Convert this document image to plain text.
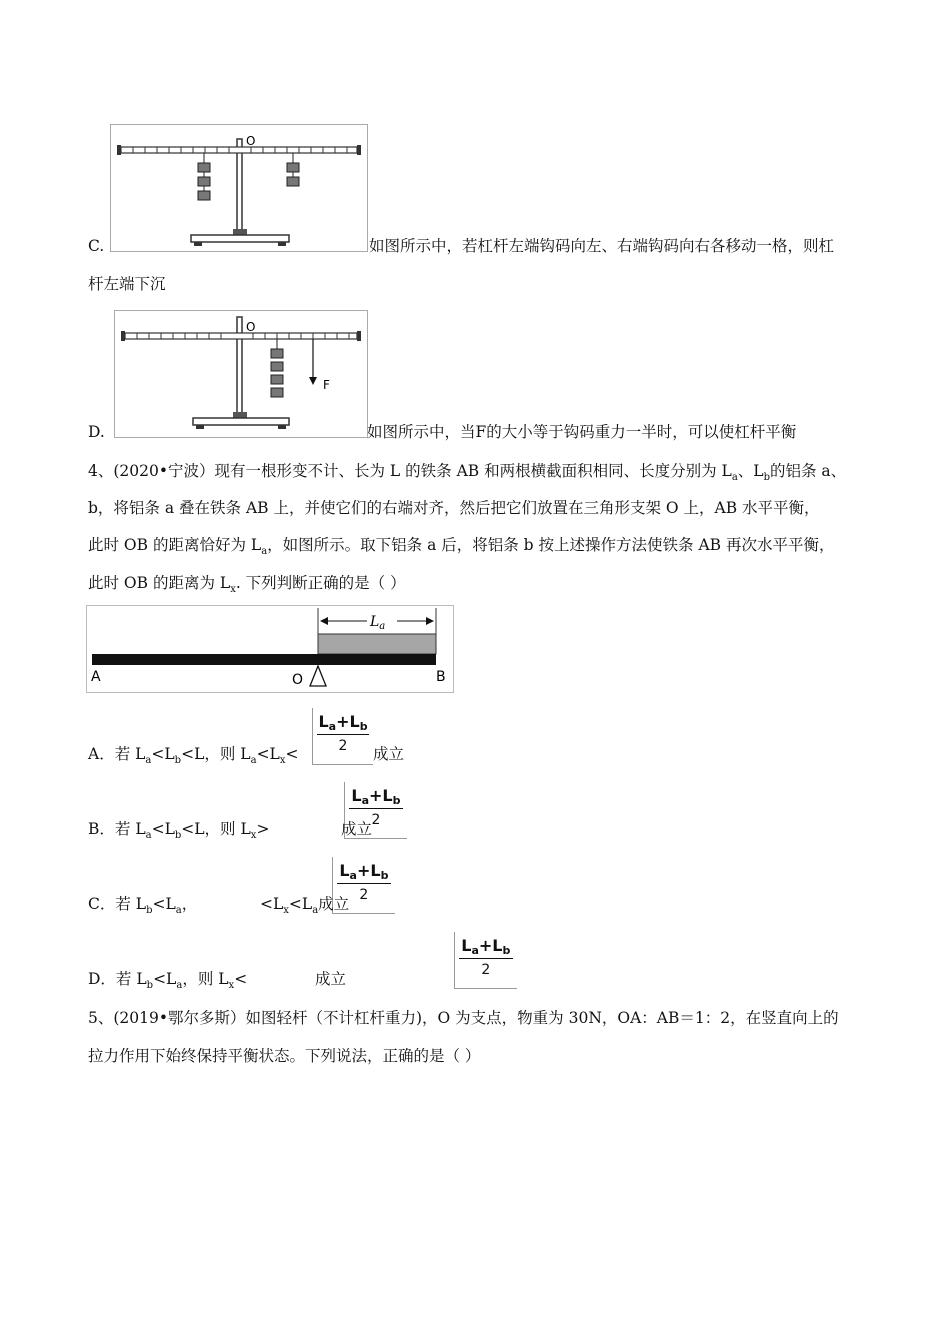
O
C.	如图所示中，若杠杆左端钩码向左、右端钩码向右各移动一格，则杠
杆左端下沉
O
F
D.	如图所示中，当F的大小等于钩码重力一半时，可以使杠杆平衡
4、(2020•宁波）现有一根形变不计、长为 L 的铁条 AB 和两根横截面积相同、长度分别为 $L_a$、$L_b$的铝条 a、
b，将铝条 a 叠在铁条 AB 上，并使它们的右端对齐，然后把它们放置在三角形支架 O 上，AB 水平平衡，
此时 OB 的距离恰好为 $L_a$，如图所示。取下铝条 a 后，将铝条 b 按上述操作方法使铁条 AB 再次水平平衡，
此时 OB 的距离为 $L_x$. 下列判断正确的是（ ）
$L_a$
A	O	B
A．若 $L_a<L_b<L$，则 $L_a<L_x< \frac{L_a+L_b}{2}$
成立
B．若 $L_a<L_b<L$，则 $L_x>$	$\frac{L_a+L_b}{2}$

成立
C．若 $L_b<L_a$，	$\frac{L_a+L_b}{2}$

$<L_x<L_a$成立
D．若 $L_b<L_a$，则 $L_x<$	$\frac{L_a+L_b}{2}$
成立
5、(2019•鄂尔多斯）如图轻杆（不计杠杆重力)，O 为支点，物重为 30N，OA：AB＝1：2，在竖直向上的
拉力作用下始终保持平衡状态。下列说法，正确的是（ ）
